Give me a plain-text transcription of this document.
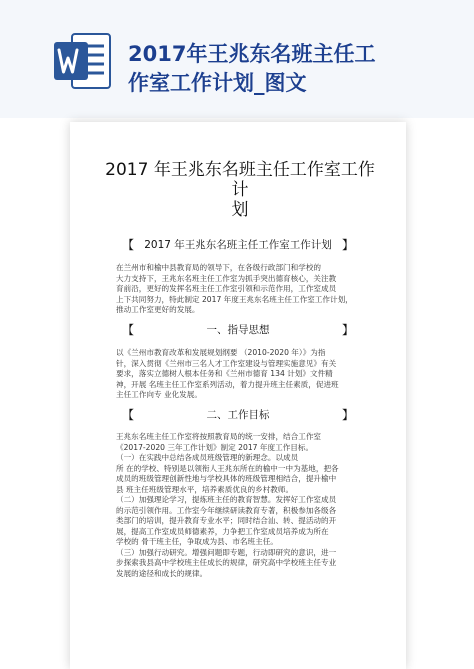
2017年王兆东名班主任工
作室工作计划_图文
2017 年王兆东名班主任工作室工作
计
划
【 2017 年王兆东名班主任工作室工作计划 】
在兰州市和榆中县教育局的领导下，在各级行政部门和学校的
大力支持下，王兆东名班主任工作室为抓手突出德育核心，关注教
育前沿，更好的发挥名班主任工作室引领和示范作用，工作室成员
上下共同努力，特此制定 2017 年度王兆东名班主任工作室工作计划，
推动工作室更好的发展。
【	一、指导思想	】
以《兰州市教育改革和发展规划纲要 （2010-2020 年）》为指
针，深入贯彻《兰州市三名人才工作室建设与管理实施意见》有关
要求，落实立德树人根本任务和《兰州市德育 134 计划》文件精
神，开展 名班主任工作室系列活动，着力提升班主任素质，促进班
主任工作向专 业化发展。
【	二、工作目标	】
王兆东名班主任工作室将按照教育局的统一安排，结合工作室
《2017-2020 三年工作计划》制定 2017 年度工作目标。
（一）在实践中总结各成员班级管理的新理念。以成员
所 在的学校、特别是以领衔人王兆东所在的榆中一中为基地，把各
成员的班级管理创新性地与学校具体的班级管理相结合，提升榆中
县 班主任班级管理水平，培养素质优良的乡村教师。
（二）加强理论学习，提炼班主任的教育智慧。发挥好工作室成员
的示范引领作用。工作室今年继续研读教育专著，积极参加各级各
类部门的培训，提升教育专业水平；同时结合汕、转、提活动的开
展，提高工作室成员师德素养，力争把工作室成员培养成为所在
学校的 骨干班主任，争取成为县、市名班主任。
（三）加强行动研究。增强问题即专题，行动即研究的意识，进一
步探索我县高中学校班主任成长的规律，研究高中学校班主任专业
发展的途径和成长的规律。
